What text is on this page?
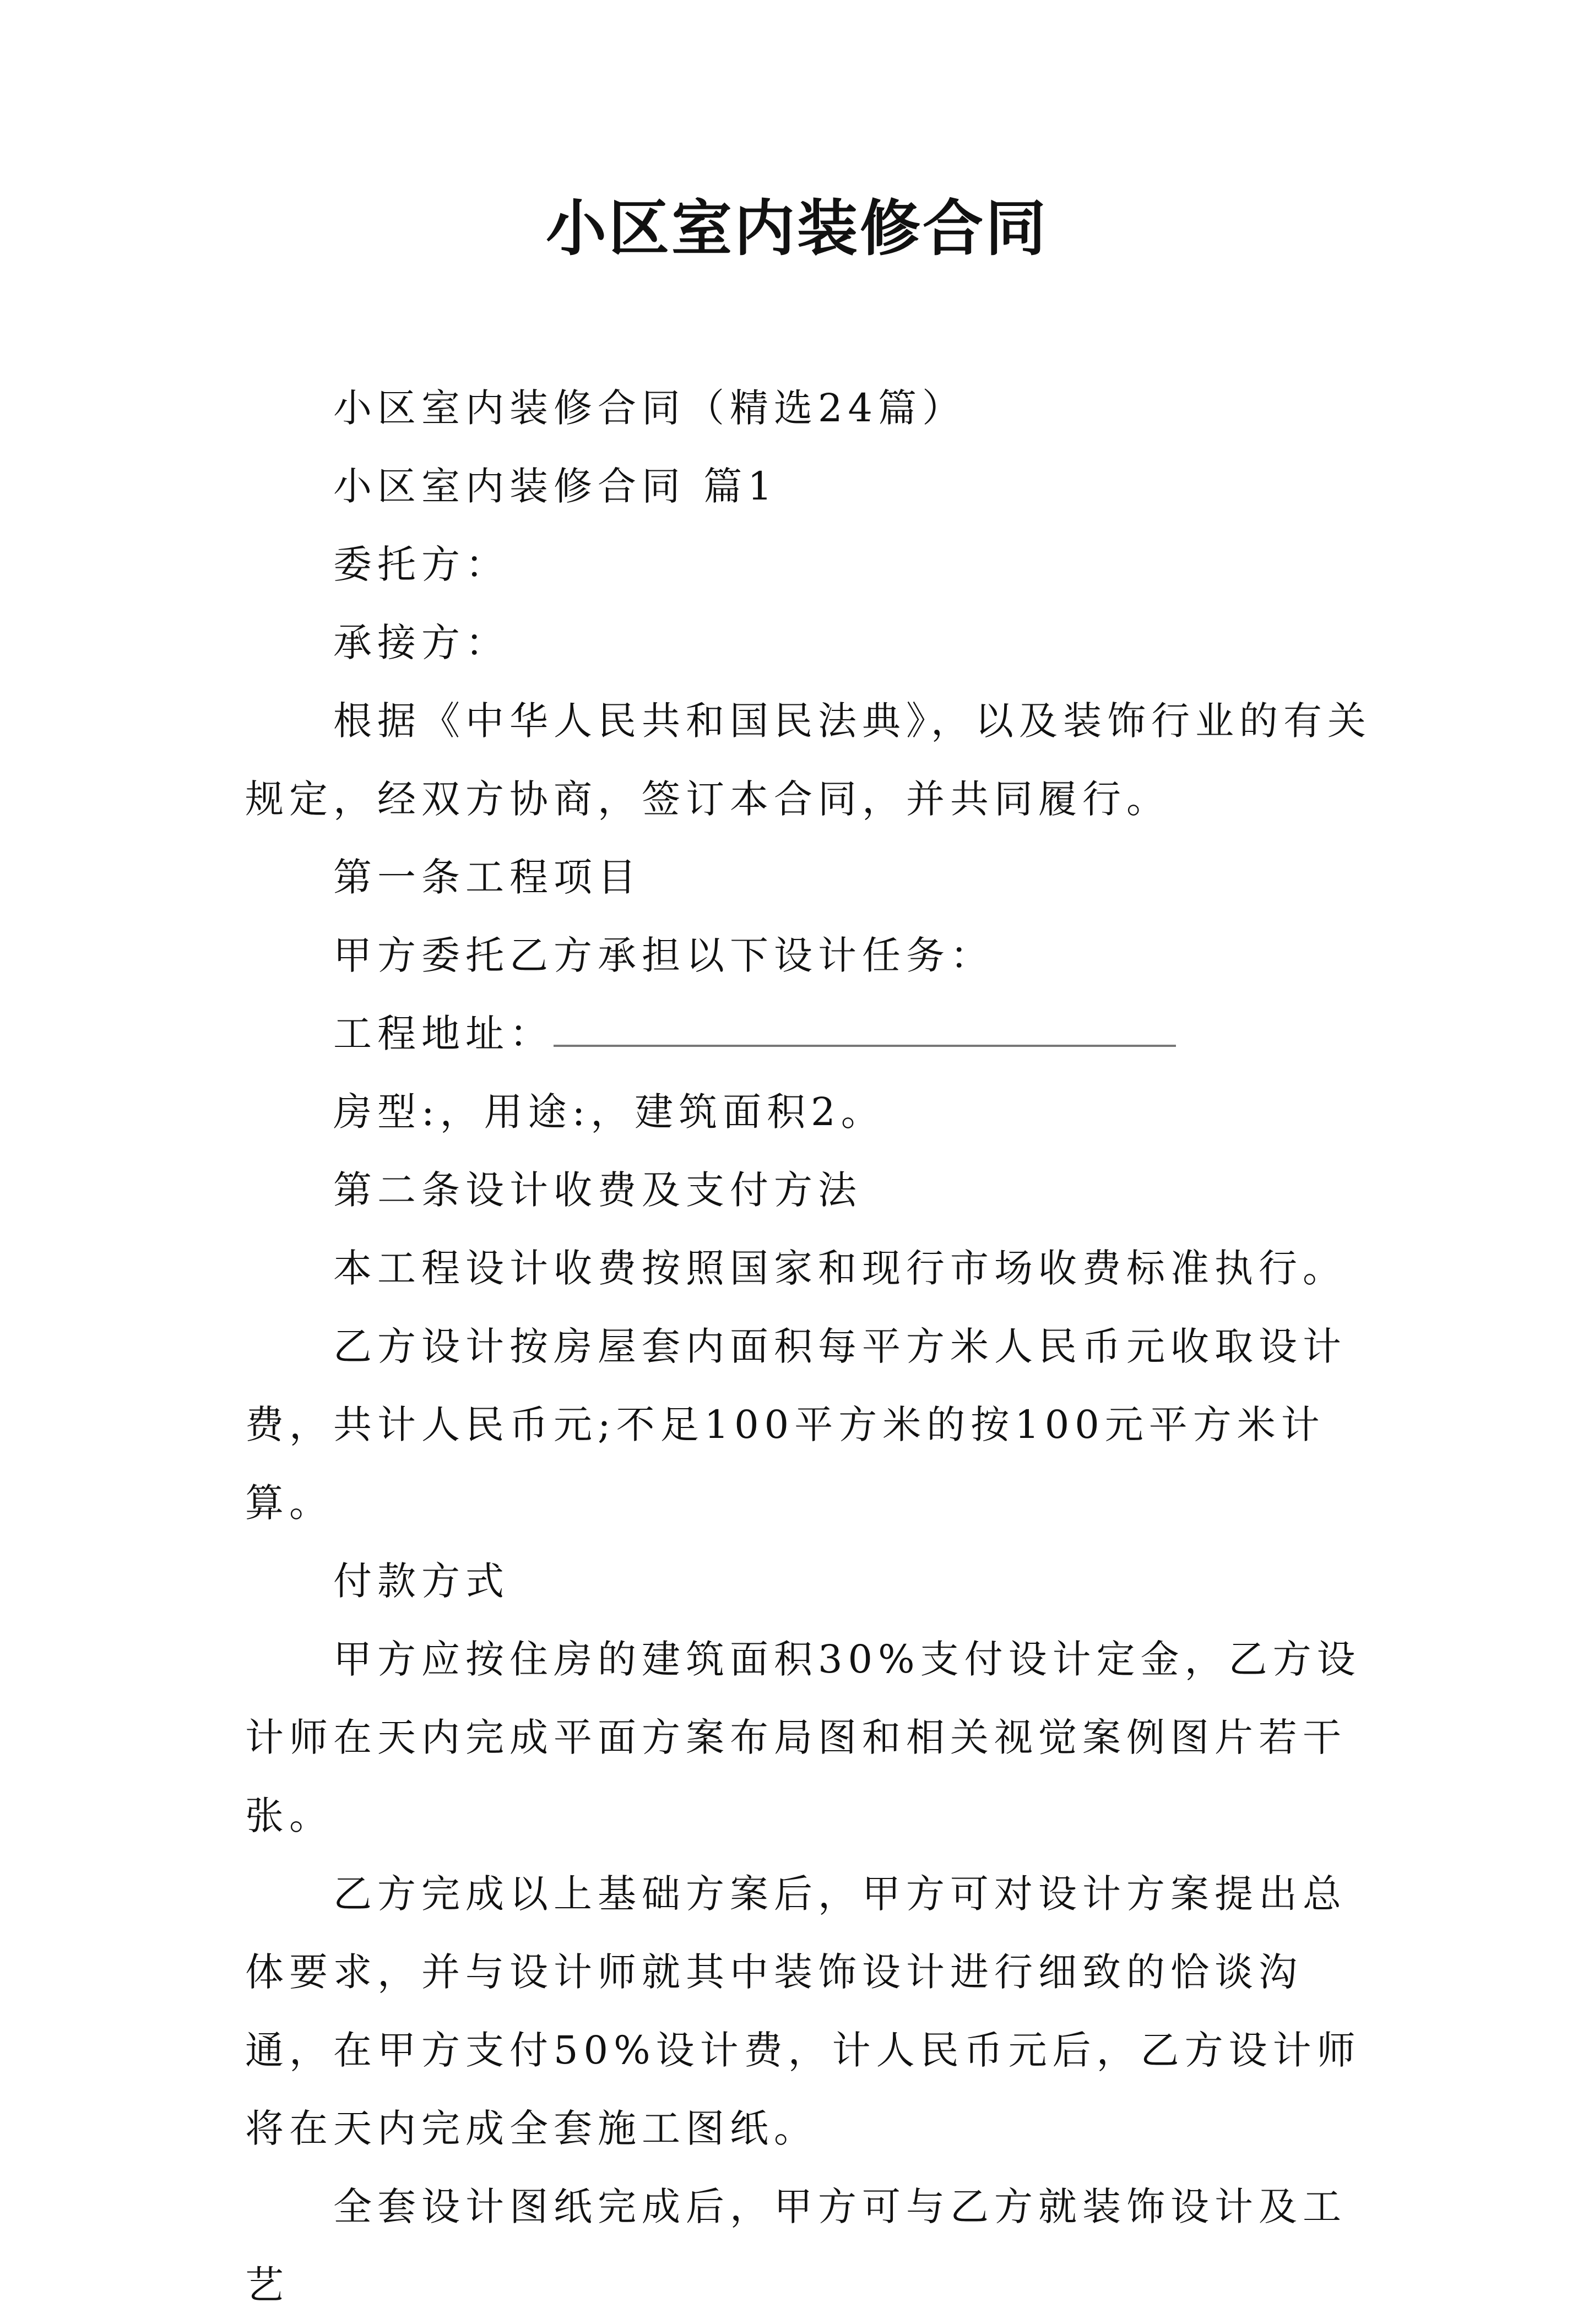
小区室内装修合同

小区室内装修合同（精选24篇）

小区室内装修合同 篇1

委托方：

承接方：

根据《中华人民共和国民法典》，以及装饰行业的有关规定，经双方协商，签订本合同，并共同履行。

第一条工程项目

甲方委托乙方承担以下设计任务：

工程地址：

房型:，用途:，建筑面积2。

第二条设计收费及支付方法

本工程设计收费按照国家和现行市场收费标准执行。

乙方设计按房屋套内面积每平方米人民币元收取设计费，共计人民币元;不足100平方米的按100元平方米计算。

付款方式

甲方应按住房的建筑面积30%支付设计定金，乙方设计师在天内完成平面方案布局图和相关视觉案例图片若干张。

乙方完成以上基础方案后，甲方可对设计方案提出总体要求，并与设计师就其中装饰设计进行细致的恰谈沟通，在甲方支付50%设计费，计人民币元后，乙方设计师将在天内完成全套施工图纸。

全套设计图纸完成后，甲方可与乙方就装饰设计及工艺
